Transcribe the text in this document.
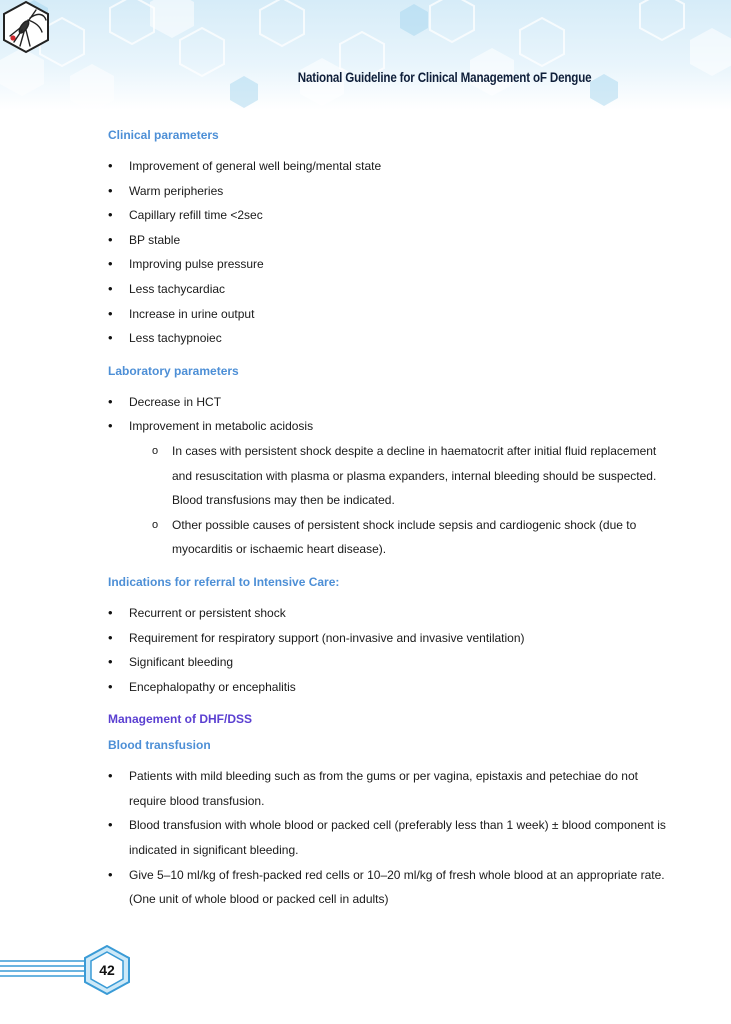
National Guideline for Clinical Management oF Dengue
Clinical parameters
• Improvement of general well being/mental state
• Warm peripheries
• Capillary refill time <2sec
• BP stable
• Improving pulse pressure
• Less tachycardiac
• Increase in urine output
• Less tachypnoiec
Laboratory parameters
• Decrease in HCT
• Improvement in metabolic acidosis
o In cases with persistent shock despite a decline in haematocrit after initial fluid replacement and resuscitation with plasma or plasma expanders, internal bleeding should be suspected. Blood transfusions may then be indicated.
o Other possible causes of persistent shock include sepsis and cardiogenic shock (due to myocarditis or ischaemic heart disease).
Indications for referral to Intensive Care:
• Recurrent or persistent shock
• Requirement for respiratory support (non-invasive and invasive ventilation)
• Significant bleeding
• Encephalopathy or encephalitis
Management of DHF/DSS
Blood transfusion
• Patients with mild bleeding such as from the gums or per vagina, epistaxis and petechiae do not require blood transfusion.
• Blood transfusion with whole blood or packed cell (preferably less than 1 week) ± blood component is indicated in significant bleeding.
• Give 5–10 ml/kg of fresh-packed red cells or 10–20 ml/kg of fresh whole blood at an appropriate rate. (One unit of whole blood or packed cell in adults)
42
